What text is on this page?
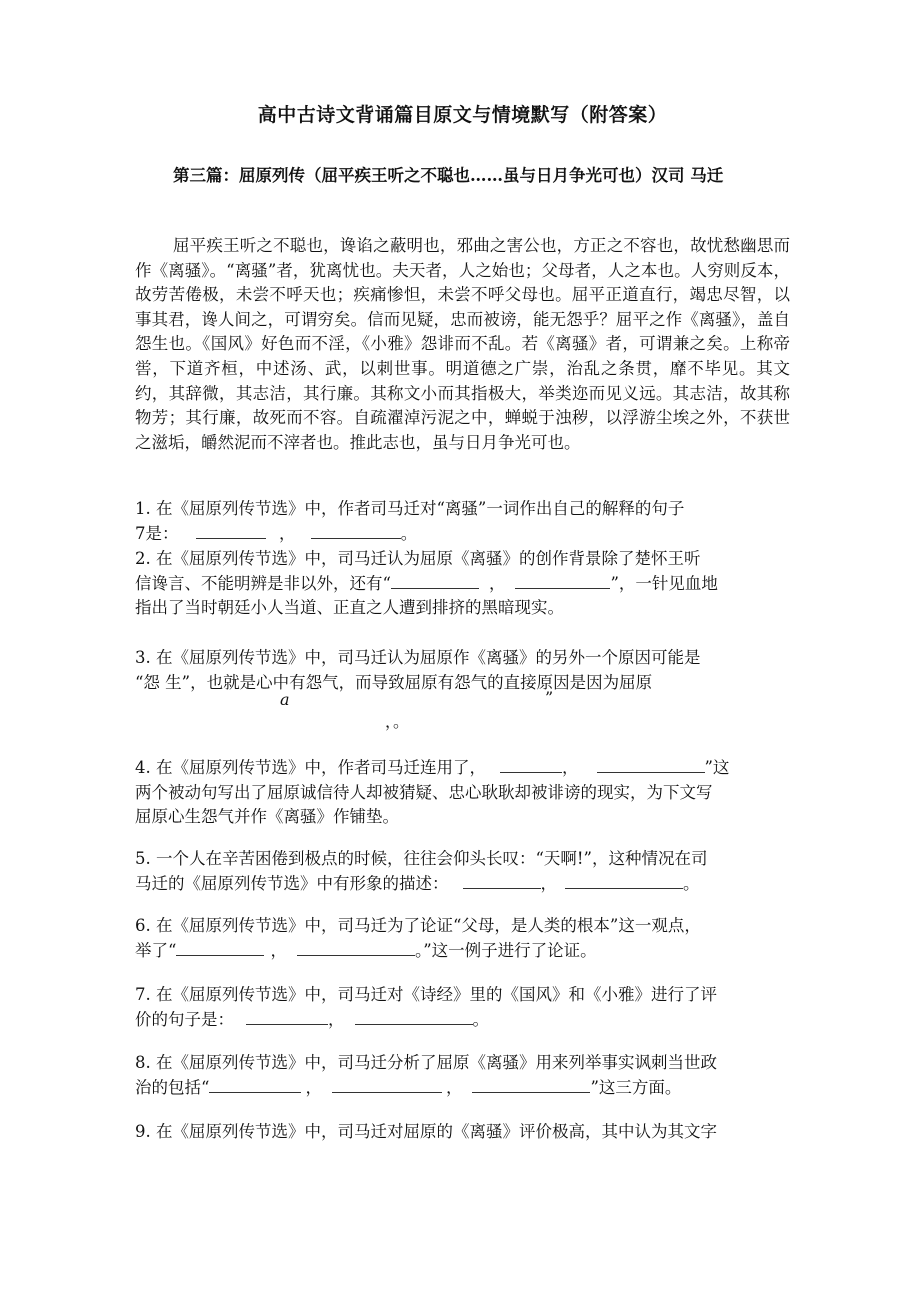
高中古诗文背诵篇目原文与情境默写（附答案）
第三篇：屈原列传（屈平疾王听之不聪也……虽与日月争光可也）汉司 马迁
屈平疾王听之不聪也，谗谄之蔽明也，邪曲之害公也，方正之不容也，故忧愁幽思而作《离骚》。“离骚”者，犹离忧也。夫天者，人之始也；父母者，人之本也。人穷则反本，故劳苦倦极，未尝不呼天也；疾痛惨怛，未尝不呼父母也。屈平正道直行，竭忠尽智，以事其君，谗人间之，可谓穷矣。信而见疑，忠而被谤，能无怨乎？屈平之作《离骚》，盖自怨生也。《国风》好色而不淫，《小雅》怨诽而不乱。若《离骚》者，可谓兼之矣。上称帝喾，下道齐桓，中述汤、武，以刺世事。明道德之广崇，治乱之条贯，靡不毕见。其文约，其辞微，其志洁，其行廉。其称文小而其指极大，举类迩而见义远。其志洁，故其称物芳；其行廉，故死而不容。自疏濯淖污泥之中，蝉蜕于浊秽，以浮游尘埃之外，不获世之滋垢，皭然泥而不滓者也。推此志也，虽与日月争光可也。
1. 在《屈原列传节选》中，作者司马迁对“离骚”一词作出自己的解释的句子
7是：	，	。
2. 在《屈原列传节选》中，司马迁认为屈原《离骚》的创作背景除了楚怀王听
信谗言、不能明辨是非以外，还有“	，	”，一针见血地
指出了当时朝廷小人当道、正直之人遭到排挤的黑暗现实。
3. 在《屈原列传节选》中，司马迁认为屈原作《离骚》的另外一个原因可能是
“怨 生”，也就是心中有怨气，而导致屈原有怨气的直接原因是因为屈原
a	”
，。
4. 在《屈原列传节选》中，作者司马迁连用了，	，	”这
两个被动句写出了屈原诚信待人却被猜疑、忠心耿耿却被诽谤的现实，为下文写
屈原心生怨气并作《离骚》作铺垫。
5. 一个人在辛苦困倦到极点的时候，往往会仰头长叹：“天啊!”，这种情况在司
马迁的《屈原列传节选》中有形象的描述：	，	。
6. 在《屈原列传节选》中，司马迁为了论证“父母，是人类的根本”这一观点，
举了“	，	。”这一例子进行了论证。
7. 在《屈原列传节选》中，司马迁对《诗经》里的《国风》和《小雅》进行了评
价的句子是：	，	。
8. 在《屈原列传节选》中，司马迁分析了屈原《离骚》用来列举事实讽刺当世政
治的包括“	，	，	”这三方面。
9. 在《屈原列传节选》中，司马迁对屈原的《离骚》评价极高，其中认为其文字
